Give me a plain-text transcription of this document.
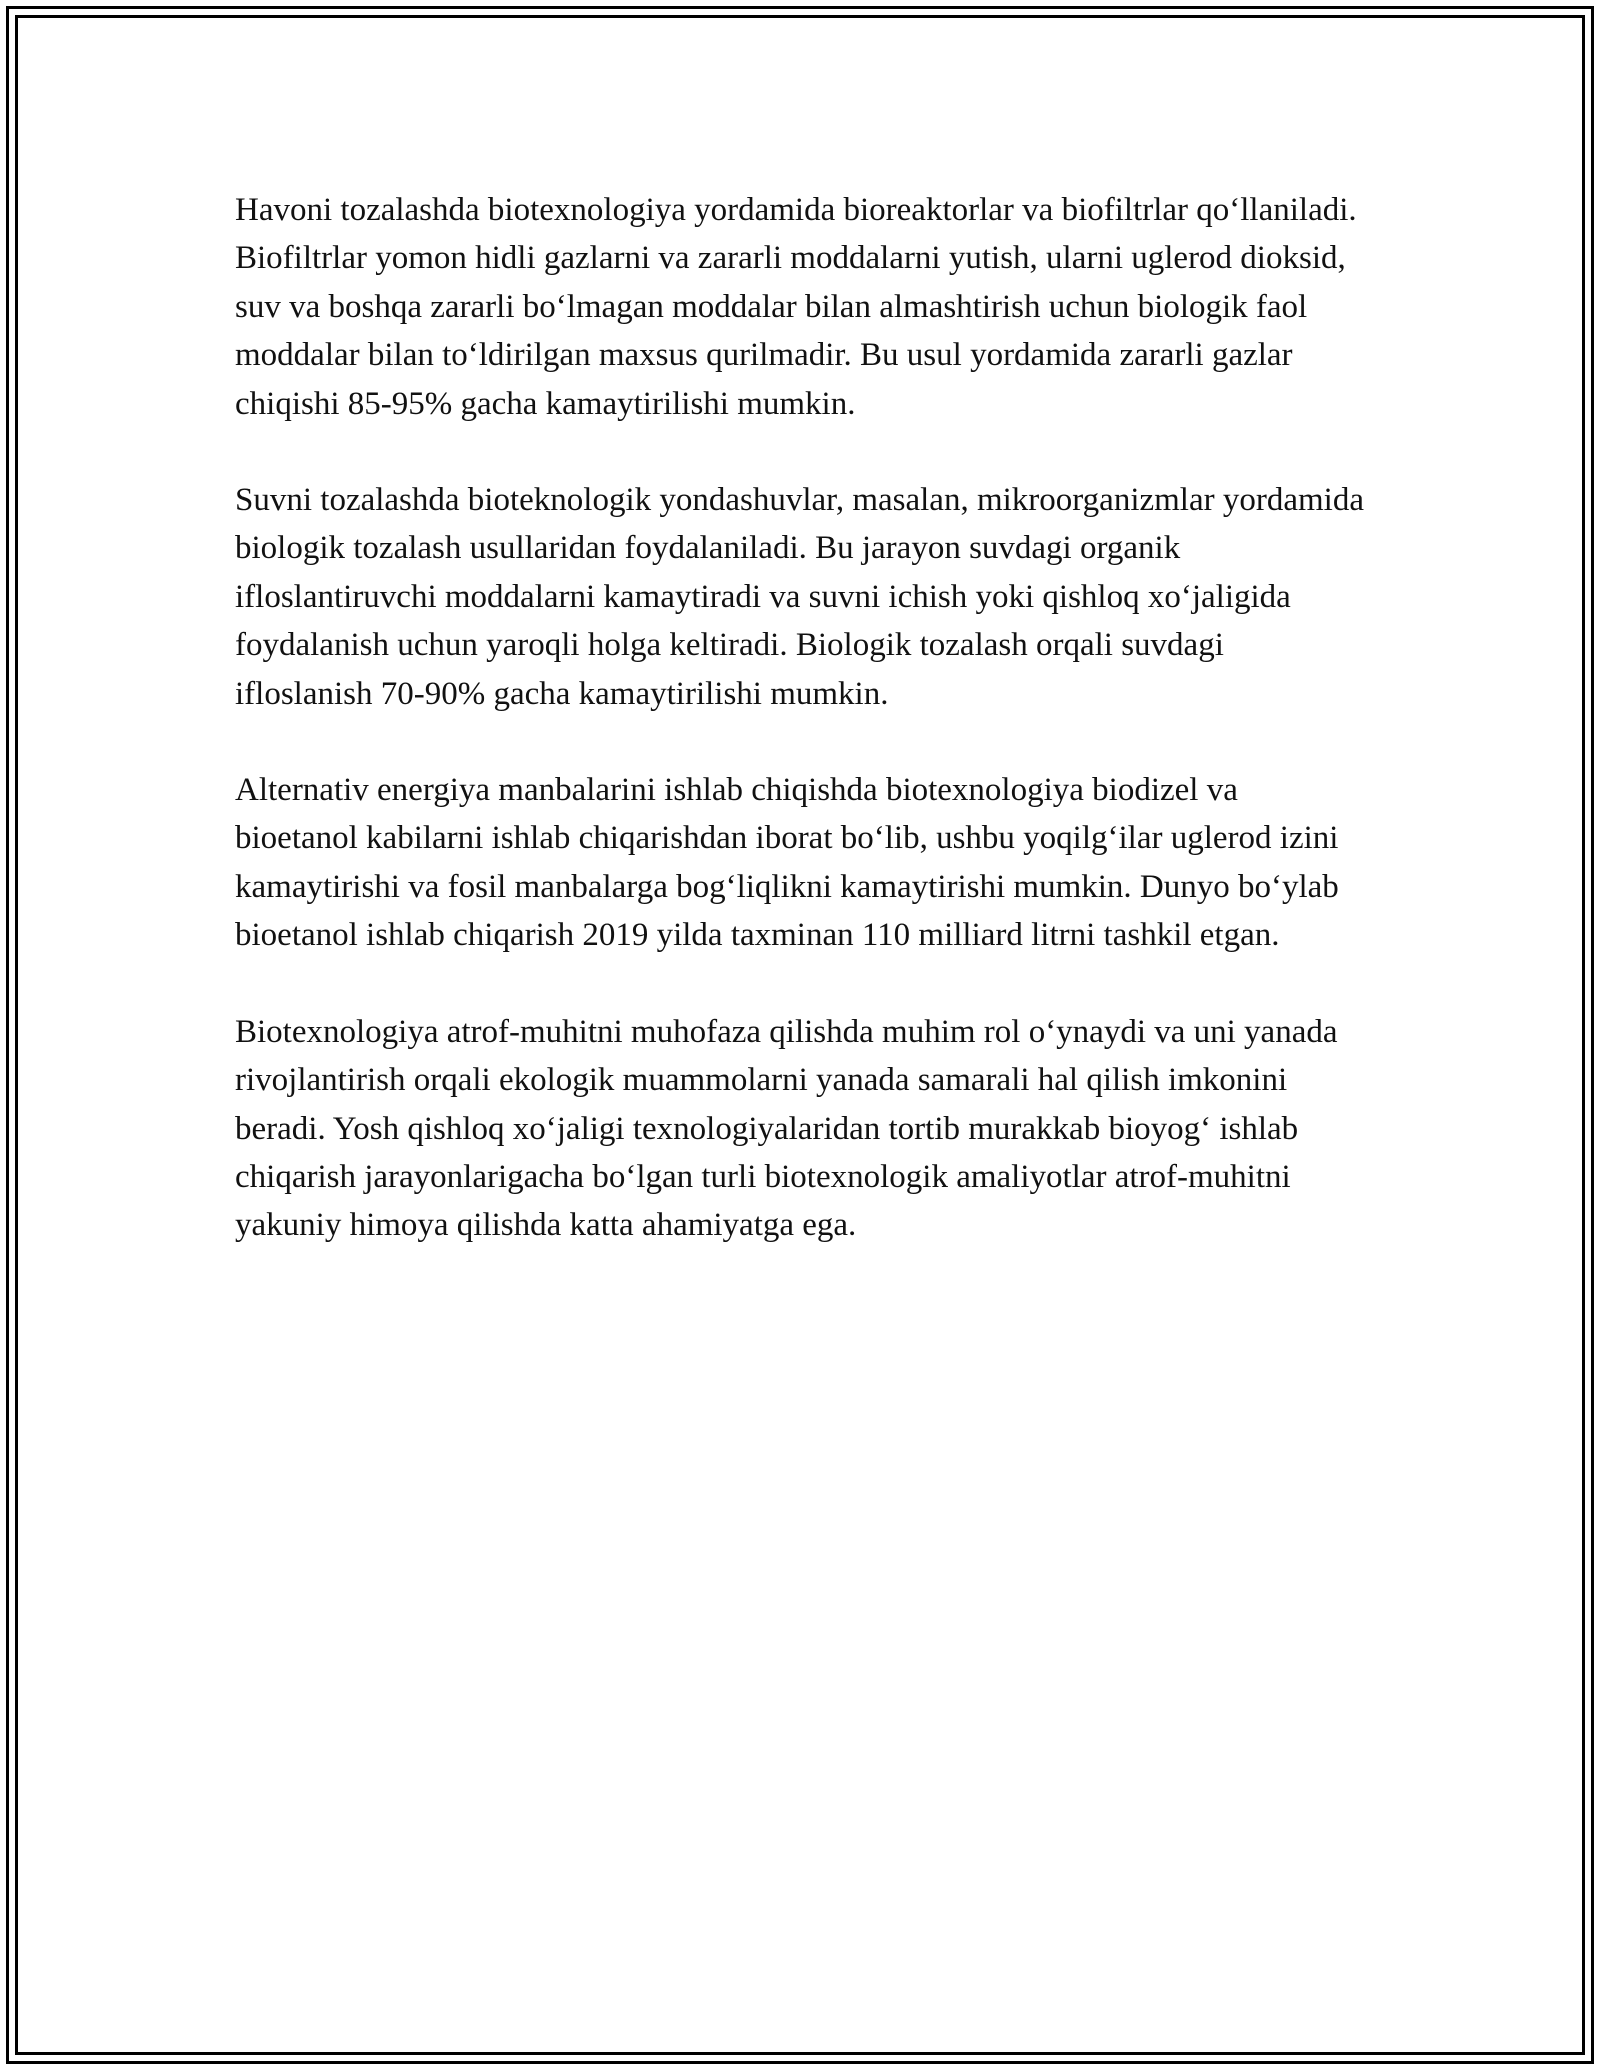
Havoni tozalashda biotexnologiya yordamida bioreaktorlar va biofiltrlar qo‘llaniladi. Biofiltrlar yomon hidli gazlarni va zararli moddalarni yutish, ularni uglerod dioksid, suv va boshqa zararli bo‘lmagan moddalar bilan almashtirish uchun biologik faol moddalar bilan to‘ldirilgan maxsus qurilmadir. Bu usul yordamida zararli gazlar chiqishi 85-95% gacha kamaytirilishi mumkin.

Suvni tozalashda bioteknologik yondashuvlar, masalan, mikroorganizmlar yordamida biologik tozalash usullaridan foydalaniladi. Bu jarayon suvdagi organik ifloslantiruvchi moddalarni kamaytiradi va suvni ichish yoki qishloq xo‘jaligida foydalanish uchun yaroqli holga keltiradi. Biologik tozalash orqali suvdagi ifloslanish 70-90% gacha kamaytirilishi mumkin.

Alternativ energiya manbalarini ishlab chiqishda biotexnologiya biodizel va bioetanol kabilarni ishlab chiqarishdan iborat bo‘lib, ushbu yoqilg‘ilar uglerod izini kamaytirishi va fosil manbalarga bog‘liqlikni kamaytirishi mumkin. Dunyo bo‘ylab bioetanol ishlab chiqarish 2019 yilda taxminan 110 milliard litrni tashkil etgan.

Biotexnologiya atrof-muhitni muhofaza qilishda muhim rol o‘ynaydi va uni yanada rivojlantirish orqali ekologik muammolarni yanada samarali hal qilish imkonini beradi. Yosh qishloq xo‘jaligi texnologiyalaridan tortib murakkab bioyog‘ ishlab chiqarish jarayonlarigacha bo‘lgan turli biotexnologik amaliyotlar atrof-muhitni yakuniy himoya qilishda katta ahamiyatga ega.
